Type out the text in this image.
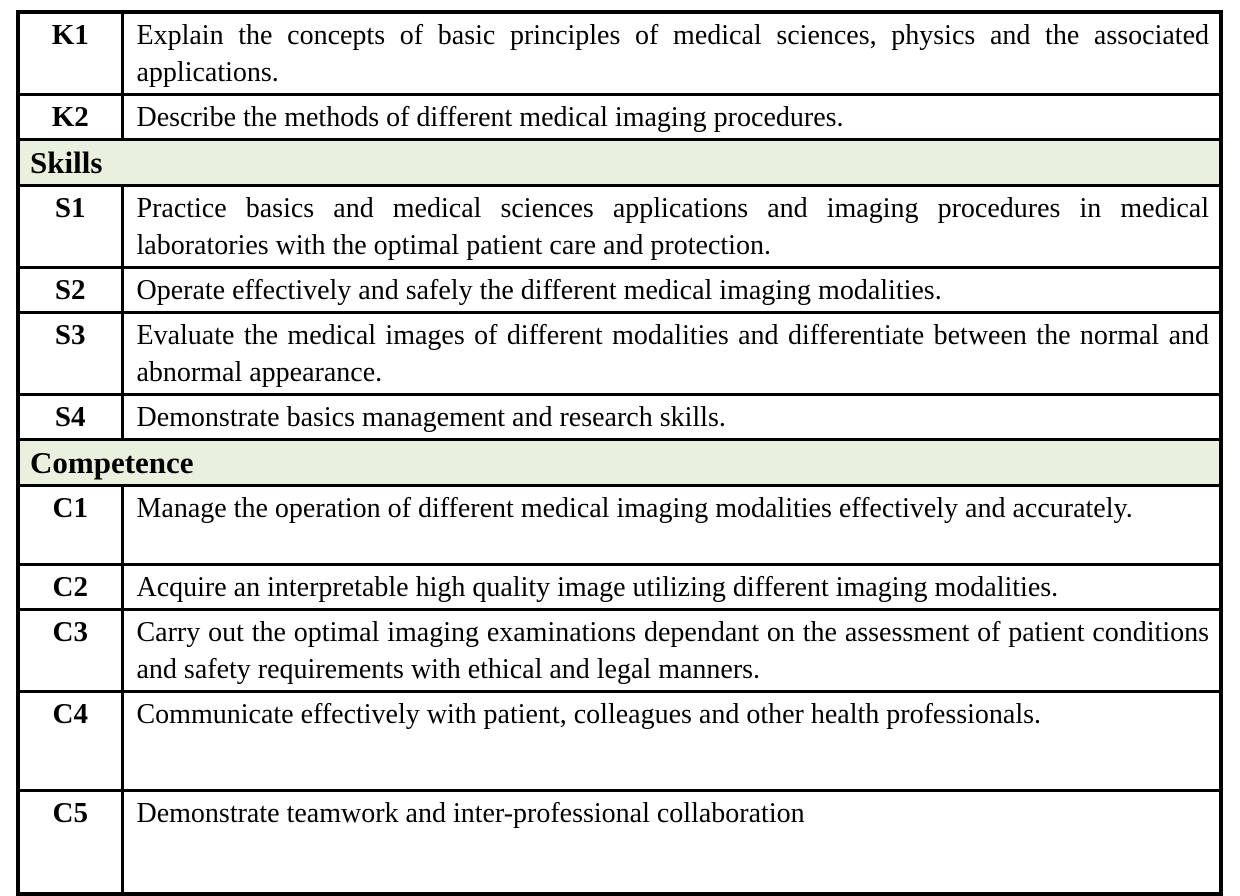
K1	Explain the concepts of basic principles of medical sciences, physics and the associated applications.
K2	Describe the methods of different medical imaging procedures.
Skills	
S1	Practice basics and medical sciences applications and imaging procedures in medical laboratories with the optimal patient care and protection.
S2	Operate effectively and safely the different medical imaging modalities.
S3	Evaluate the medical images of different modalities and differentiate between the normal and abnormal appearance.
S4	Demonstrate basics management and research skills.
Competence	
C1	Manage the operation of different medical imaging modalities effectively and accurately.
C2	Acquire an interpretable high quality image utilizing different imaging modalities.
C3	Carry out the optimal imaging examinations dependant on the assessment of patient conditions and safety requirements with ethical and legal manners.
C4	Communicate effectively with patient, colleagues and other health professionals.
C5	Demonstrate teamwork and inter-professional collaboration
